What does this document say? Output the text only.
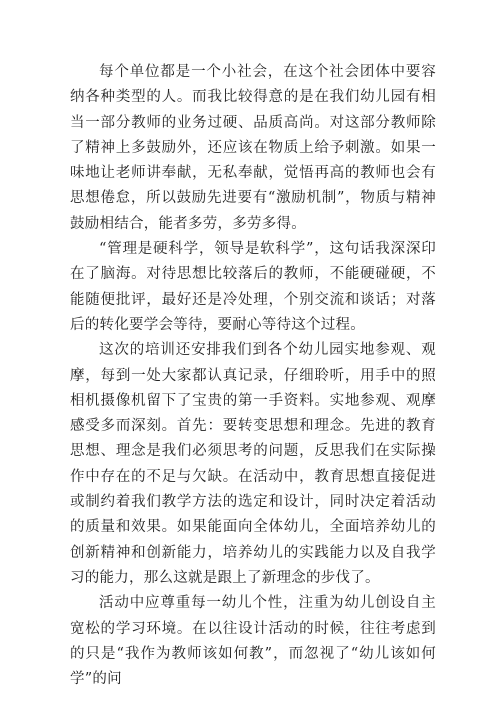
每个单位都是一个小社会，在这个社会团体中要容纳各种类型的人。而我比较得意的是在我们幼儿园有相当一部分教师的业务过硬、品质高尚。对这部分教师除了精神上多鼓励外，还应该在物质上给予刺激。如果一味地让老师讲奉献，无私奉献，觉悟再高的教师也会有思想倦怠，所以鼓励先进要有“激励机制”，物质与精神鼓励相结合，能者多劳，多劳多得。

“管理是硬科学，领导是软科学”，这句话我深深印在了脑海。对待思想比较落后的教师，不能硬碰硬，不能随便批评，最好还是冷处理，个别交流和谈话；对落后的转化要学会等待，要耐心等待这个过程。

这次的培训还安排我们到各个幼儿园实地参观、观摩，每到一处大家都认真记录，仔细聆听，用手中的照相机摄像机留下了宝贵的第一手资料。实地参观、观摩感受多而深刻。首先：要转变思想和理念。先进的教育思想、理念是我们必须思考的问题，反思我们在实际操作中存在的不足与欠缺。在活动中，教育思想直接促进或制约着我们教学方法的选定和设计，同时决定着活动的质量和效果。如果能面向全体幼儿，全面培养幼儿的创新精神和创新能力，培养幼儿的实践能力以及自我学习的能力，那么这就是跟上了新理念的步伐了。

活动中应尊重每一幼儿个性，注重为幼儿创设自主宽松的学习环境。在以往设计活动的时候，往往考虑到的只是“我作为教师该如何教”，而忽视了“幼儿该如何学”的问
